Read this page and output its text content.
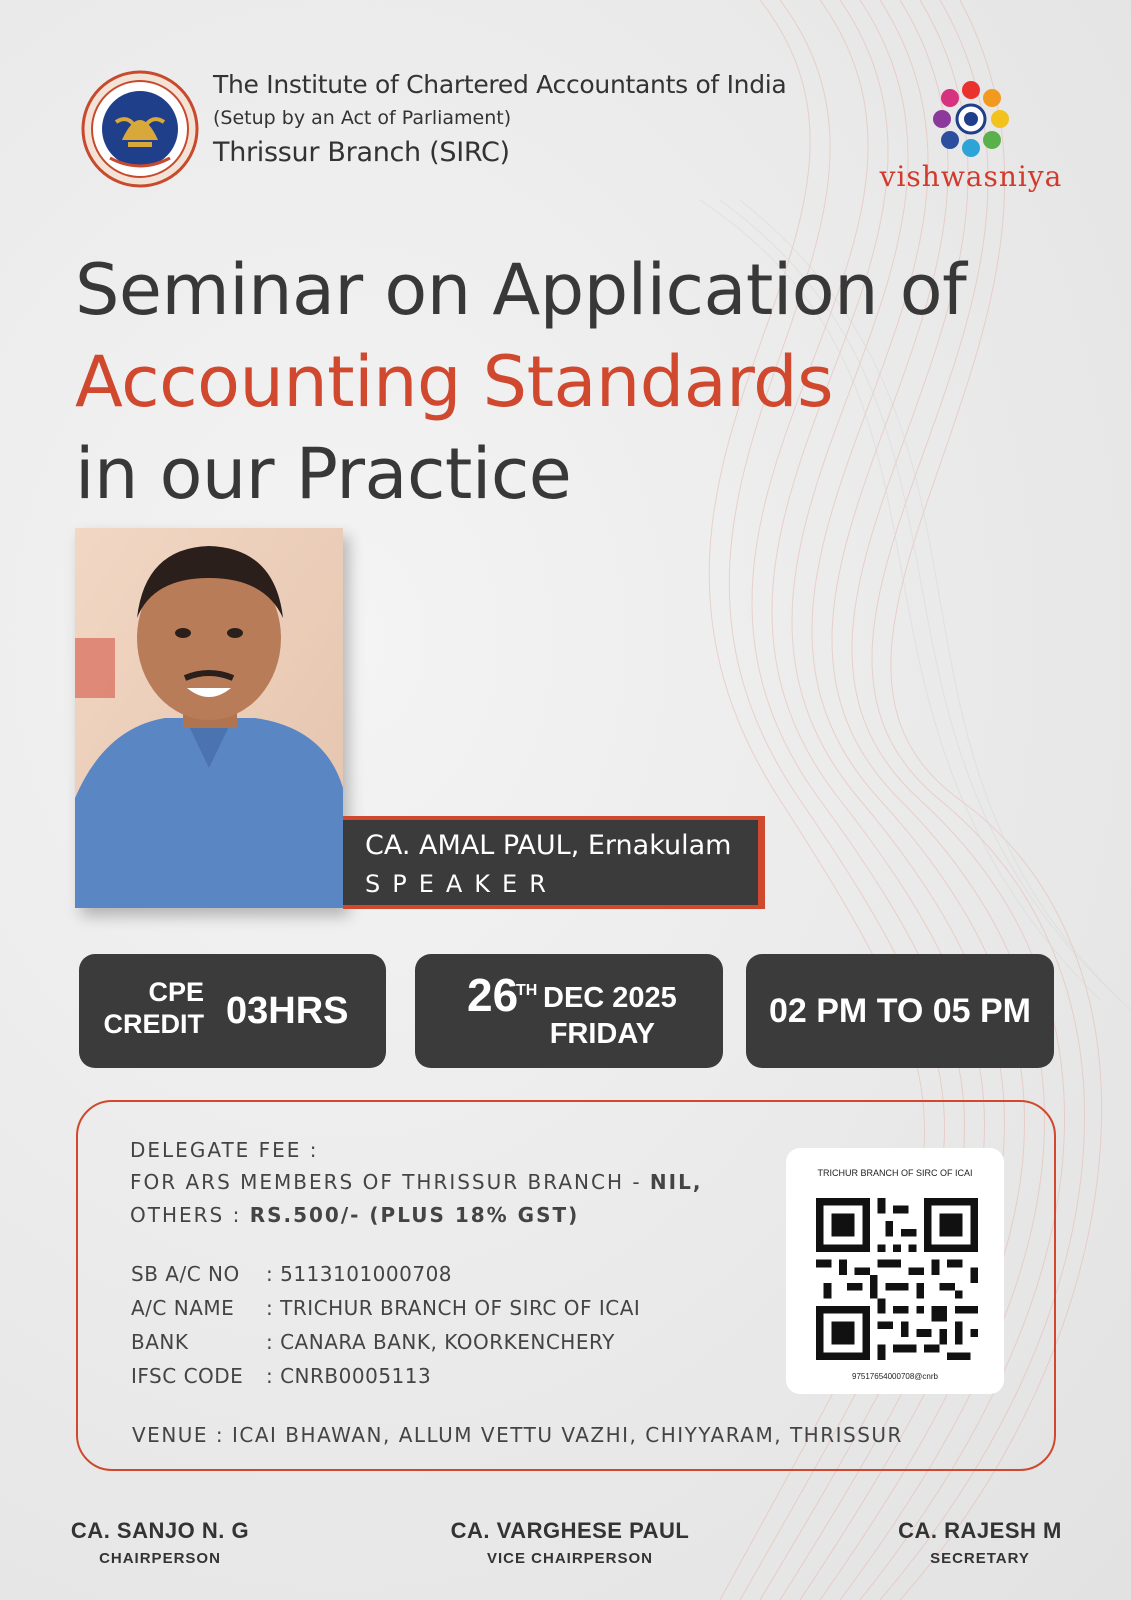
The Institute of Chartered Accountants of India
(Setup by an Act of Parliament)
Thrissur Branch (SIRC)
vishwasniya
Seminar on Application of
Accounting Standards
in our Practice
CA. AMAL PAUL, Ernakulam
SPEAKER
CPE
CREDIT 03HRS	26
TH DEC 2025
FRIDAY
02 PM TO 05 PM
DELEGATE FEE :
FOR ARS MEMBERS OF THRISSUR BRANCH - NIL,
OTHERS : RS.500/- (PLUS 18% GST)
SB A/C NO : 5113101000708
A/C NAME : TRICHUR BRANCH OF SIRC OF ICAI
BANK	: CANARA BANK, KOORKENCHERY
IFSC CODE : CNRB0005113
VENUE : ICAI BHAWAN, ALLUM VETTU VAZHI, CHIYYARAM, THRISSUR
TRICHUR BRANCH OF SIRC OF ICAI
97517654000708@cnrb
CA. SANJO N. G
CHAIRPERSON
CA. VARGHESE PAUL
VICE CHAIRPERSON
CA. RAJESH M
SECRETARY
